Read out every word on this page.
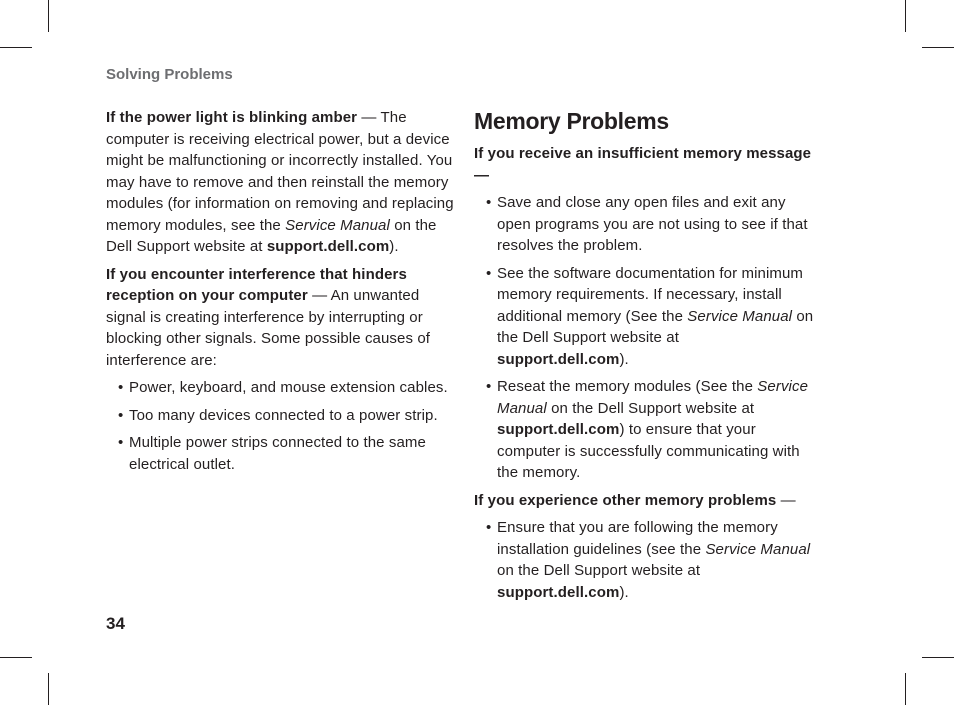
Solving Problems

If the power light is blinking amber — The computer is receiving electrical power, but a device might be malfunctioning or incorrectly installed. You may have to remove and then reinstall the memory modules (for information on removing and replacing memory modules, see the Service Manual on the Dell Support website at support.dell.com).

If you encounter interference that hinders reception on your computer — An unwanted signal is creating interference by interrupting or blocking other signals. Some possible causes of interference are:

• Power, keyboard, and mouse extension cables.
• Too many devices connected to a power strip.
• Multiple power strips connected to the same electrical outlet.
Memory Problems

If you receive an insufficient memory message—

• Save and close any open files and exit any open programs you are not using to see if that resolves the problem.
• See the software documentation for minimum memory requirements. If necessary, install additional memory (See the Service Manual on the Dell Support website at support.dell.com).
• Reseat the memory modules (See the Service Manual on the Dell Support website at support.dell.com) to ensure that your computer is successfully communicating with the memory.

If you experience other memory problems —

• Ensure that you are following the memory installation guidelines (see the Service Manual on the Dell Support website at support.dell.com).
34
